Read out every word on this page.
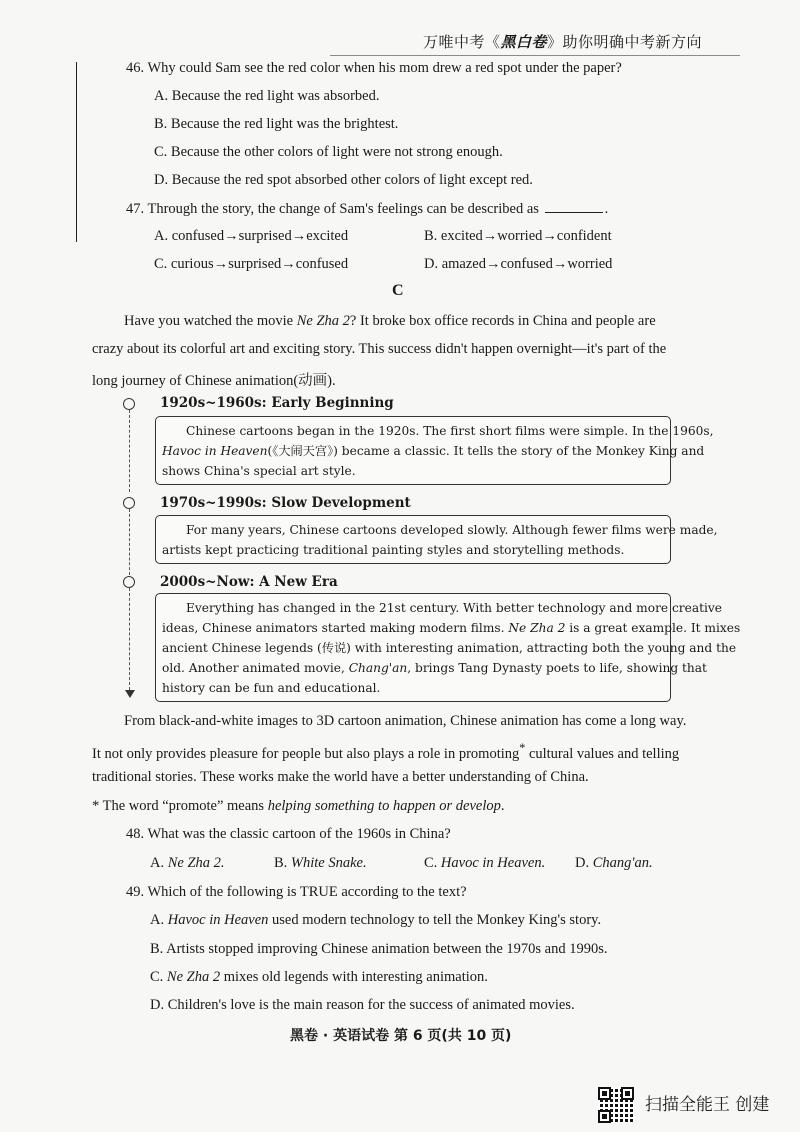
万唯中考《黑白卷》助你明确中考新方向
46. Why could Sam see the red color when his mom drew a red spot under the paper?
A. Because the red light was absorbed.
B. Because the red light was the brightest.
C. Because the other colors of light were not strong enough.
D. Because the red spot absorbed other colors of light except red.
47. Through the story, the change of Sam's feelings can be described as	.
A. confused→surprised→excited	B. excited→worried→confident
C. curious→surprised→confused	D. amazed→confused→worried
C
Have you watched the movie Ne Zha 2? It broke box office records in China and people are
crazy about its colorful art and exciting story. This success didn't happen overnight—it's part of the
long journey of Chinese animation(动画).
1920s~1960s: Early Beginning
Chinese cartoons began in the 1920s. The first short films were simple. In the 1960s,
Havoc in Heaven(《大闹天宫》) became a classic. It tells the story of the Monkey King and
shows China's special art style.
1970s~1990s: Slow Development
For many years, Chinese cartoons developed slowly. Although fewer films were made,
artists kept practicing traditional painting styles and storytelling methods.
2000s~Now: A New Era
Everything has changed in the 21st century. With better technology and more creative
ideas, Chinese animators started making modern films. Ne Zha 2 is a great example. It mixes
ancient Chinese legends (传说) with interesting animation, attracting both the young and the
old. Another animated movie, Chang'an, brings Tang Dynasty poets to life, showing that
history can be fun and educational.
From black-and-white images to 3D cartoon animation, Chinese animation has come a long way.
It not only provides pleasure for people but also plays a role in promoting* cultural values and telling
traditional stories. These works make the world have a better understanding of China.
* The word “promote” means helping something to happen or develop.
48. What was the classic cartoon of the 1960s in China?
A. Ne Zha 2.	B. White Snake.	C. Havoc in Heaven. D. Chang'an.
49. Which of the following is TRUE according to the text?
A. Havoc in Heaven used modern technology to tell the Monkey King's story.
B. Artists stopped improving Chinese animation between the 1970s and 1990s.
C. Ne Zha 2 mixes old legends with interesting animation.
D. Children's love is the main reason for the success of animated movies.
黑卷 · 英语试卷 第 6 页(共 10 页)
扫描全能王 创建
